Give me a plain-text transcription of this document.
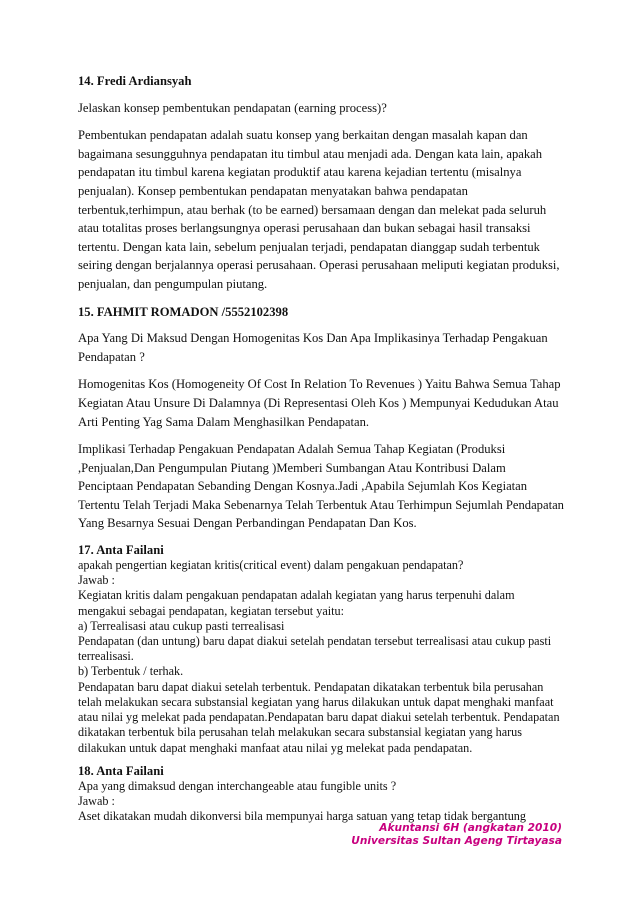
14. Fredi Ardiansyah

Jelaskan konsep pembentukan pendapatan (earning process)?

Pembentukan pendapatan adalah suatu konsep yang berkaitan dengan masalah kapan dan bagaimana sesungguhnya pendapatan itu timbul atau menjadi ada. Dengan kata lain, apakah pendapatan itu timbul karena kegiatan produktif atau karena kejadian tertentu (misalnya penjualan). Konsep pembentukan pendapatan menyatakan bahwa pendapatan terbentuk,terhimpun, atau berhak (to be earned) bersamaan dengan dan melekat pada seluruh atau totalitas proses berlangsungnya operasi perusahaan dan bukan sebagai hasil transaksi tertentu. Dengan kata lain, sebelum penjualan terjadi, pendapatan dianggap sudah terbentuk seiring dengan berjalannya operasi perusahaan. Operasi perusahaan meliputi kegiatan produksi, penjualan, dan pengumpulan piutang.

15. FAHMIT ROMADON /5552102398

Apa Yang Di Maksud Dengan Homogenitas Kos Dan Apa Implikasinya Terhadap Pengakuan Pendapatan ?

Homogenitas Kos (Homogeneity Of Cost In Relation To Revenues ) Yaitu Bahwa Semua Tahap Kegiatan Atau Unsure Di Dalamnya (Di Representasi Oleh Kos ) Mempunyai Kedudukan Atau Arti Penting Yag Sama Dalam Menghasilkan Pendapatan.

Implikasi Terhadap Pengakuan Pendapatan Adalah Semua Tahap Kegiatan (Produksi ,Penjualan,Dan Pengumpulan Piutang )Memberi Sumbangan Atau Kontribusi Dalam Penciptaan Pendapatan Sebanding Dengan Kosnya.Jadi ,Apabila Sejumlah Kos Kegiatan Tertentu Telah Terjadi Maka Sebenarnya Telah Terbentuk Atau Terhimpun Sejumlah Pendapatan Yang Besarnya Sesuai Dengan Perbandingan Pendapatan Dan Kos.

17. Anta Failani

apakah pengertian kegiatan kritis(critical event) dalam pengakuan pendapatan?

Jawab :

Kegiatan kritis dalam pengakuan pendapatan adalah kegiatan yang harus terpenuhi dalam mengakui sebagai pendapatan, kegiatan tersebut yaitu:

a) Terrealisasi atau cukup pasti terrealisasi

Pendapatan (dan untung) baru dapat diakui setelah pendatan tersebut terrealisasi atau cukup pasti terrealisasi.

b) Terbentuk / terhak.

Pendapatan baru dapat diakui setelah terbentuk. Pendapatan dikatakan terbentuk bila perusahan telah melakukan secara substansial kegiatan yang harus dilakukan untuk dapat menghaki manfaat atau nilai yg melekat pada pendapatan.Pendapatan baru dapat diakui setelah terbentuk. Pendapatan dikatakan terbentuk bila perusahan telah melakukan secara substansial kegiatan yang harus dilakukan untuk dapat menghaki manfaat atau nilai yg melekat pada pendapatan.

18. Anta Failani

Apa yang dimaksud dengan interchangeable atau fungible units ?

Jawab :

Aset dikatakan mudah dikonversi bila mempunyai harga satuan yang tetap tidak bergantung

Akuntansi 6H (angkatan 2010)
Universitas Sultan Ageng Tirtayasa
